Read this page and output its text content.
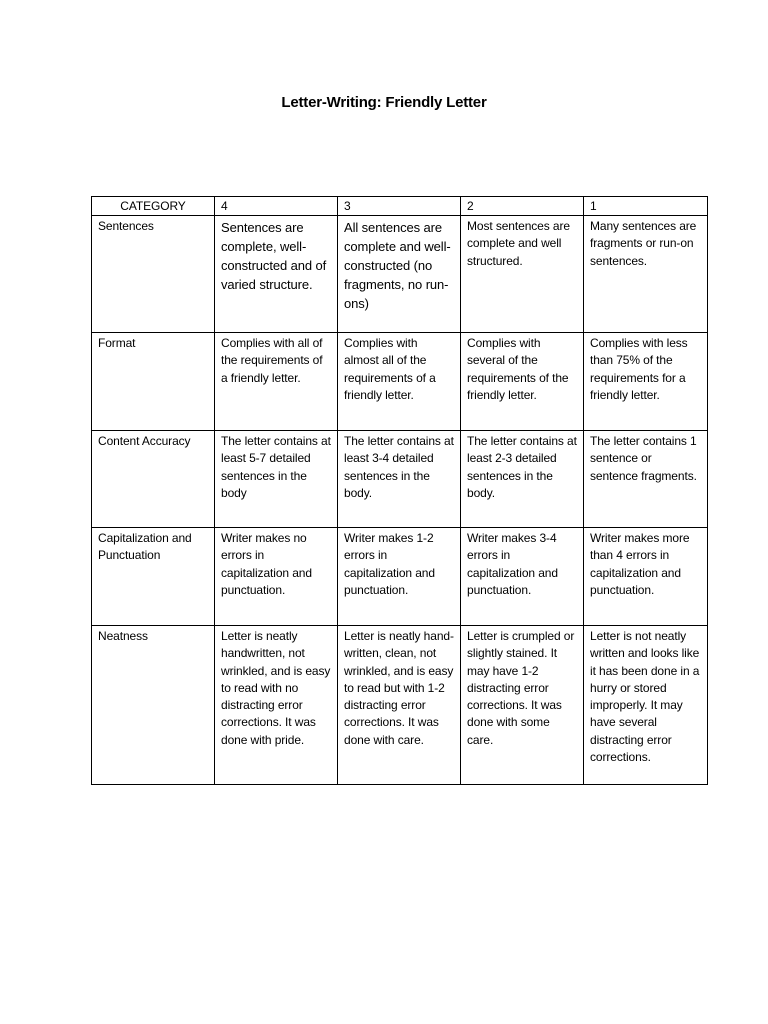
Letter-Writing: Friendly Letter
CATEGORY	4	3	2	1
Sentences	Sentences are complete, well-constructed and of varied structure.	All sentences are complete and well-constructed (no fragments, no run-ons)	Most sentences are complete and well structured.	Many sentences are fragments or run-on sentences.
Format	Complies with all of the requirements of a friendly letter.	Complies with almost all of the requirements of a friendly letter.	Complies with several of the requirements of the friendly letter.	Complies with less than 75% of the requirements for a friendly letter.
Content Accuracy	The letter contains at least 5-7 detailed sentences in the body	The letter contains at least 3-4 detailed sentences in the body.	The letter contains at least 2-3 detailed sentences in the body.	The letter contains 1 sentence or sentence fragments.
Capitalization and Punctuation	Writer makes no errors in capitalization and punctuation.	Writer makes 1-2 errors in capitalization and punctuation.	Writer makes 3-4 errors in capitalization and punctuation.	Writer makes more than 4 errors in capitalization and punctuation.
Neatness	Letter is neatly handwritten, not wrinkled, and is easy to read with no distracting error corrections. It was done with pride.	Letter is neatly hand-written, clean, not wrinkled, and is easy to read but with 1-2 distracting error corrections. It was done with care.	Letter is crumpled or slightly stained. It may have 1-2 distracting error corrections. It was done with some care.	Letter is not neatly written and looks like it has been done in a hurry or stored improperly. It may have several distracting error corrections.
